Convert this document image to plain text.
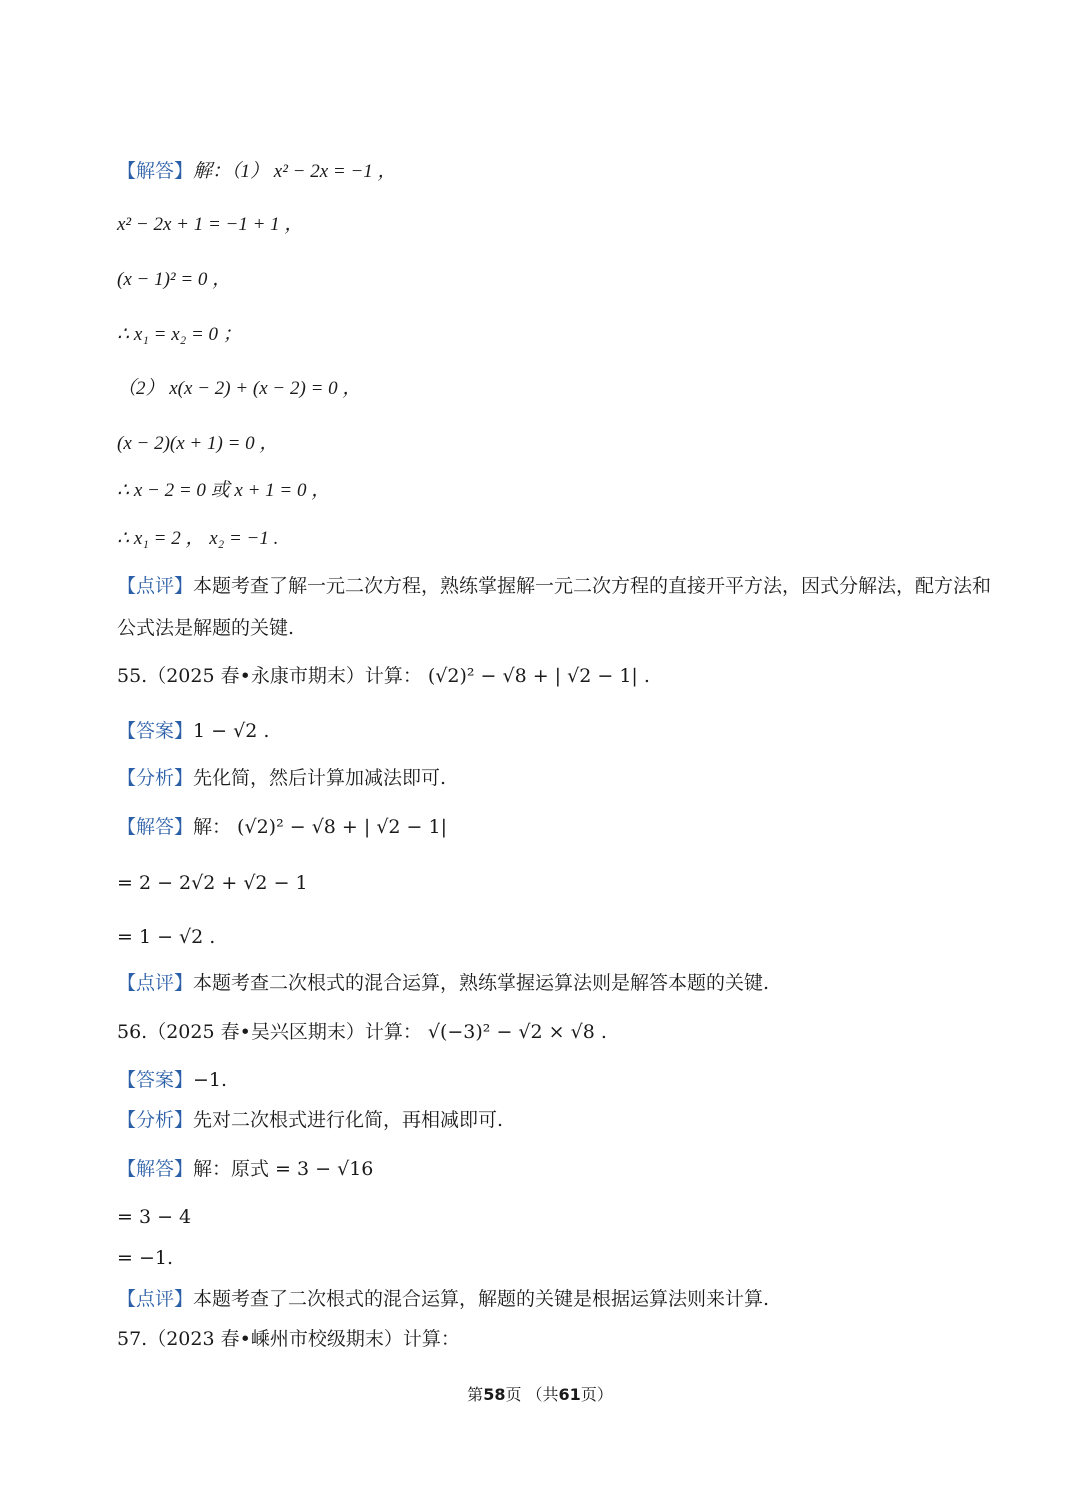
【解答】解：（1） x² − 2x = −1 ，
x² − 2x + 1 = −1 + 1 ，
(x − 1)² = 0 ，
∴ x₁ = x₂ = 0 ；
（2） x(x − 2) + (x − 2) = 0 ，
(x − 2)(x + 1) = 0 ，
∴ x − 2 = 0 或 x + 1 = 0 ，
∴ x₁ = 2 ， x₂ = −1 .
【点评】本题考查了解一元二次方程，熟练掌握解一元二次方程的直接开平方法，因式分解法，配方法和
公式法是解题的关键.
55.（2025 春•永康市期末）计算： (√2)² − √8 + | √2 − 1| .
【答案】1 − √2 .
【分析】先化简，然后计算加减法即可.
【解答】解： (√2)² − √8 + | √2 − 1|
= 2 − 2√2 + √2 − 1
= 1 − √2 .
【点评】本题考查二次根式的混合运算，熟练掌握运算法则是解答本题的关键.
56.（2025 春•吴兴区期末）计算： √(−3)² − √2 × √8 .
【答案】−1.
【分析】先对二次根式进行化简，再相减即可.
【解答】解：原式 = 3 − √16
= 3 − 4
= −1.
【点评】本题考查了二次根式的混合运算，解题的关键是根据运算法则来计算.
57.（2023 春•嵊州市校级期末）计算：
第58页 （共61页）
